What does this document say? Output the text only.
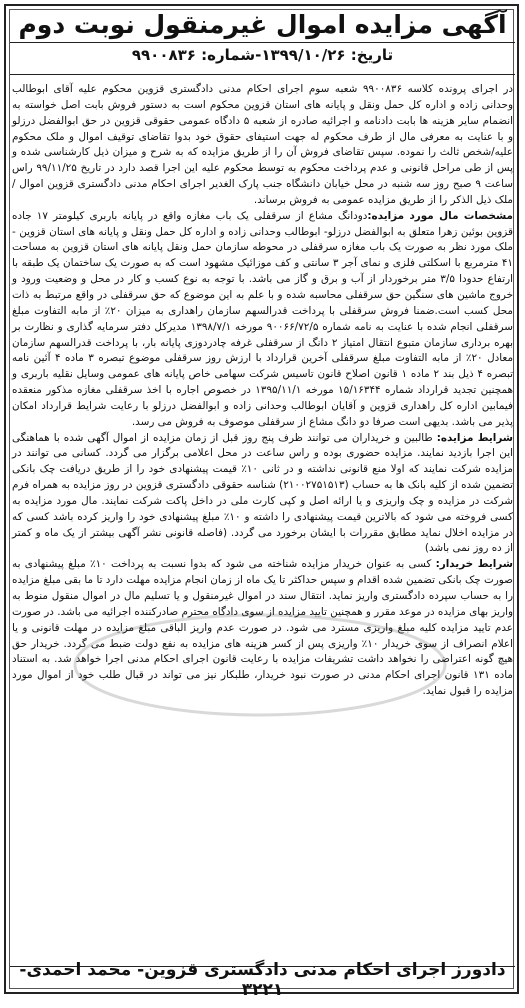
آگهی مزایده اموال غیرمنقول نوبت دوم
تاریخ: ۱۳۹۹/۱۰/۲۶-شماره: ۹۹۰۰۸۳۶

در اجرای پرونده کلاسه ۹۹۰۰۸۳۶ شعبه سوم اجرای احکام مدنی دادگستری قزوین محکوم علیه آقای ابوطالب وحدانی زاده و اداره کل حمل ونقل و پایانه های استان قزوین محکوم است به دستور فروش بابت اصل خواسته به انضمام سایر هزینه ها بابت دادنامه و اجرائیه صادره از شعبه ۵ دادگاه عمومی حقوقی قزوین در حق ابوالفضل درزلو و با عنایت به معرفی مال از طرف محکوم له جهت استیفای حقوق خود بدوا تقاضای توقیف اموال و ملک محکوم علیه/شخص ثالث را نموده. سپس تقاضای فروش آن را از طریق مزایده که به شرح و میزان ذیل کارشناسی شده و پس از طی مراحل قانونی و عدم پرداخت محکوم به توسط محکوم علیه این اجرا قصد دارد در تاریخ ۹۹/۱۱/۲۵ راس ساعت ۹ صبح روز سه شنبه در محل خیابان دانشگاه جنب پارک الغدیر اجرای احکام مدنی دادگستری قزوین اموال / ملک ذیل الذکر را از طریق مزایده عمومی به فروش برساند.

مشخصات مال مورد مزایده:دودانگ مشاع از سرقفلی یک باب مغازه واقع در پایانه باربری کیلومتر ۱۷ جاده قزوین بوئین زهرا متعلق به ابوالفضل درزلو- ابوطالب وحدانی زاده و اداره کل حمل ونقل و پایانه های استان قزوین - ملک مورد نظر به صورت یک باب مغازه سرقفلی در محوطه سازمان حمل ونقل پایانه های استان قزوین به مساحت ۴۱ مترمربع با اسکلتی فلزی و نمای آجر ۳ سانتی و کف موزائیک مشهود است که به صورت یک ساختمان یک طبقه با ارتفاع حدودا ۳/۵ متر برخوردار از آب و برق و گاز می باشد. با توجه به نوع کسب و کار در محل و وضعیت ورود و خروج ماشین های سنگین حق سرقفلی محاسبه شده و با علم به این موضوع که حق سرقفلی در واقع مرتبط به ذات محل کسب است.ضمنا فروش سرقفلی با پرداخت قدرالسهم سازمان راهداری به میزان ۲۰٪ از مابه التفاوت مبلغ سرقفلی انجام شده با عنایت به نامه شماره ۹۰۰۶۶/۷۲/۵ مورخه ۱۳۹۸/۷/۱ مدیرکل دفتر سرمایه گذاری و نظارت بر بهره برداری سازمان متبوع انتقال امتیاز ۲ دانگ از سرقفلی غرفه چادردوزی پایانه بار، با پرداخت قدرالسهم سازمان معادل ۲۰٪ از مابه التفاوت مبلغ سرقفلی آخرین قرارداد با ارزش روز سرقفلی موضوع تبصره ۳ ماده ۴ آئین نامه تبصره ۴ ذیل بند ۲ ماده ۱ قانون اصلاح قانون تاسیس شرکت سهامی خاص پایانه های عمومی وسایل نقلیه باربری و همچنین تجدید قرارداد شماره ۱۵/۱۶۳۴۴ مورخه ۱۳۹۵/۱۱/۱ در خصوص اجاره با اخذ سرقفلی مغازه مذکور منعقده فیمابین اداره کل راهداری قزوین و آقایان ابوطالب وحدانی زاده و ابوالفضل درزلو با رعایت شرایط قرارداد امکان پذیر می باشد. بدیهی است صرفا دو دانگ مشاع از سرقفلی موصوف به فروش می رسد.

شرایط مزایده: طالبین و خریداران می توانند ظرف پنج روز قبل از زمان مزایده از اموال آگهی شده با هماهنگی این اجرا بازدید نمایند. مزایده حضوری بوده و راس ساعت در محل اعلامی برگزار می گردد. کسانی می توانند در مزایده شرکت نمایند که اولا منع قانونی نداشته و در ثانی ۱۰٪ قیمت پیشنهادی خود را از طریق دریافت چک بانکی تضمین شده از کلیه بانک ها به حساب (۲۱۰۰۲۷۵۱۵۱۳) شناسه حقوقی دادگستری قزوین در روز مزایده به همراه فرم شرکت در مزایده و چک واریزی و یا ارائه اصل و کپی کارت ملی در داخل پاکت شرکت نمایند. مال مورد مزایده به کسی فروخته می شود که بالاترین قیمت پیشنهادی را داشته و ۱۰٪ مبلغ پیشنهادی خود را واریز کرده باشد کسی که در مزایده اخلال نماید مطابق مقررات با ایشان برخورد می گردد. (فاصله قانونی نشر آگهی بیشتر از یک ماه و کمتر از ده روز نمی باشد)

شرایط خریدار: کسی به عنوان خریدار مزایده شناخته می شود که بدوا نسبت به پرداخت ۱۰٪ مبلغ پیشنهادی به صورت چک بانکی تضمین شده اقدام و سپس حداکثر تا یک ماه از زمان انجام مزایده مهلت دارد تا ما بقی مبلغ مزایده را به حساب سپرده دادگستری واریز نماید. انتقال سند در اموال غیرمنقول و یا تسلیم مال در اموال منقول منوط به واریز بهای مزایده در موعد مقرر و همچنین تایید مزایده از سوی دادگاه محترم صادرکننده اجرائیه می باشد. در صورت عدم تایید مزایده کلیه مبلغ واریزی مسترد می شود. در صورت عدم واریز الباقی مبلغ مزایده در مهلت قانونی و یا اعلام انصراف از سوی خریدار ۱۰٪ واریزی پس از کسر هزینه های مزایده به نفع دولت ضبط می گردد. خریدار حق هیچ گونه اعتراضی را نخواهد داشت تشریفات مزایده با رعایت قانون اجرای احکام مدنی اجرا خواهد شد. به استناد ماده ۱۳۱ قانون اجرای احکام مدنی در صورت نبود خریدار، طلبکار نیز می تواند در قبال طلب خود از اموال مورد مزایده را قبول نماید.

دادورز اجرای احکام مدنی دادگستری قزوین- محمد احمدی- ۳۲۲۱
